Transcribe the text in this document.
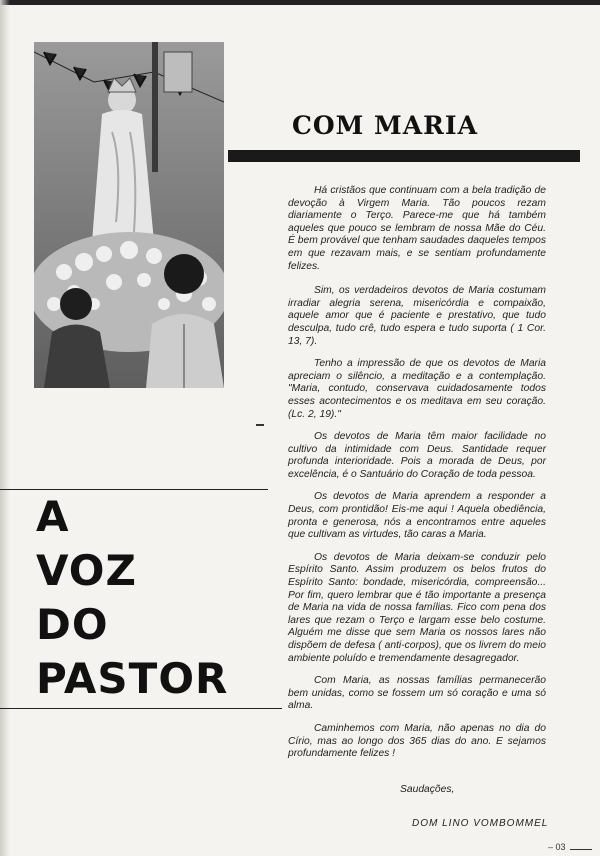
COM MARIA
A
VOZ
DO
PASTOR

Há cristãos que continuam com a bela tradição de devoção à Virgem Maria. Tão poucos rezam diariamente o Terço. Parece-me que há também aqueles que pouco se lembram de nossa Mãe do Céu. É bem provável que tenham saudades daqueles tempos em que rezavam mais, e se sentiam profundamente felizes.

Sim, os verdadeiros devotos de Maria costumam irradiar alegria serena, misericórdia e compaixão, aquele amor que é paciente e prestativo, que tudo desculpa, tudo crê, tudo espera e tudo suporta ( 1 Cor. 13, 7).

Tenho a impressão de que os devotos de Maria apreciam o silêncio, a meditação e a contemplação. "Maria, contudo, conservava cuidadosamente todos esses acontecimentos e os meditava em seu coração. (Lc. 2, 19)."

Os devotos de Maria têm maior facilidade no cultivo da intimidade com Deus. Santidade requer profunda interioridade. Pois a morada de Deus, por excelência, é o Santuário do Coração de toda pessoa.

Os devotos de Maria aprendem a responder a Deus, com prontidão! Eis-me aqui ! Aquela obediência, pronta e generosa, nós a encontramos entre aqueles que cultivam as virtudes, tão caras a Maria.

Os devotos de Maria deixam-se conduzir pelo Espírito Santo. Assim produzem os belos frutos do Espírito Santo: bondade, misericórdia, compreensão... Por fim, quero lembrar que é tão importante a presença de Maria na vida de nossa famílias. Fico com pena dos lares que rezam o Terço e largam esse belo costume. Alguém me disse que sem Maria os nossos lares não dispõem de defesa ( anti-corpos), que os livrem do meio ambiente poluído e tremendamente desagregador.

Com Maria, as nossas famílias permanecerão bem unidas, como se fossem um só coração e uma só alma.

Caminhemos com Maria, não apenas no dia do Círio, mas ao longo dos 365 dias do ano. E sejamos profundamente felizes !

Saudações,

DOM LINO VOMBOMMEL

– 03
